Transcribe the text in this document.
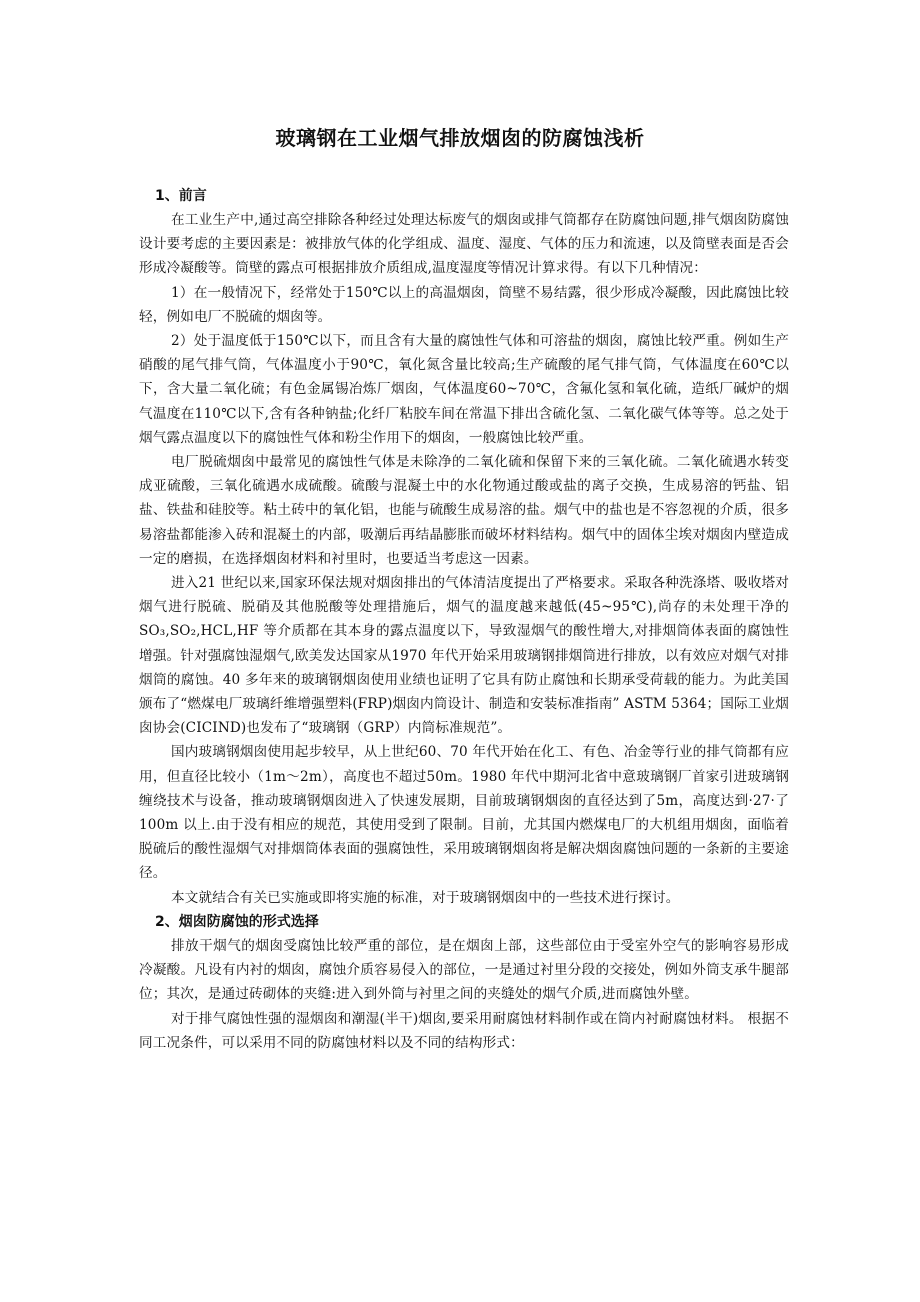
玻璃钢在工业烟气排放烟囱的防腐蚀浅析

1、前言

在工业生产中,通过高空排除各种经过处理达标废气的烟囱或排气筒都存在防腐蚀问题,排气烟囱防腐蚀设计要考虑的主要因素是：被排放气体的化学组成、温度、湿度、气体的压力和流速，以及筒壁表面是否会形成冷凝酸等。筒壁的露点可根据排放介质组成,温度湿度等情况计算求得。有以下几种情况：

1）在一般情况下，经常处于150℃以上的高温烟囱，筒壁不易结露，很少形成冷凝酸，因此腐蚀比较轻，例如电厂不脱硫的烟囱等。

2）处于温度低于150℃以下，而且含有大量的腐蚀性气体和可溶盐的烟囱，腐蚀比较严重。例如生产硝酸的尾气排气筒，气体温度小于90℃，氧化氮含量比较高;生产硫酸的尾气排气筒，气体温度在60℃以下，含大量二氧化硫；有色金属锡冶炼厂烟囱，气体温度60~70℃，含氟化氢和氧化硫，造纸厂碱炉的烟气温度在110℃以下,含有各种钠盐;化纤厂粘胶车间在常温下排出含硫化氢、二氧化碳气体等等。总之处于烟气露点温度以下的腐蚀性气体和粉尘作用下的烟囱，一般腐蚀比较严重。

电厂脱硫烟囱中最常见的腐蚀性气体是未除净的二氧化硫和保留下来的三氧化硫。二氧化硫遇水转变成亚硫酸，三氧化硫遇水成硫酸。硫酸与混凝土中的水化物通过酸或盐的离子交换，生成易溶的钙盐、铝盐、铁盐和硅胶等。粘土砖中的氧化铝，也能与硫酸生成易溶的盐。烟气中的盐也是不容忽视的介质，很多易溶盐都能渗入砖和混凝土的内部，吸潮后再结晶膨胀而破坏材料结构。烟气中的固体尘埃对烟囱内壁造成一定的磨损，在选择烟囱材料和衬里时，也要适当考虑这一因素。

进入21 世纪以来,国家环保法规对烟囱排出的气体清洁度提出了严格要求。采取各种洗涤塔、吸收塔对烟气进行脱硫、脱硝及其他脱酸等处理措施后，烟气的温度越来越低(45~95℃),尚存的未处理干净的SO₃,SO₂,HCL,HF 等介质都在其本身的露点温度以下，导致湿烟气的酸性增大,对排烟筒体表面的腐蚀性增强。针对强腐蚀湿烟气,欧美发达国家从1970 年代开始采用玻璃钢排烟筒进行排放，以有效应对烟气对排烟筒的腐蚀。40 多年来的玻璃钢烟囱使用业绩也证明了它具有防止腐蚀和长期承受荷载的能力。为此美国颁布了“燃煤电厂玻璃纤维增强塑料(FRP)烟囱内筒设计、制造和安装标准指南” ASTM 5364；国际工业烟囱协会(CICIND)也发布了“玻璃钢（GRP）内筒标准规范”。

国内玻璃钢烟囱使用起步较早，从上世纪60、70 年代开始在化工、有色、冶金等行业的排气筒都有应用，但直径比较小（1m～2m），高度也不超过50m。1980 年代中期河北省中意玻璃钢厂首家引进玻璃钢缠绕技术与设备，推动玻璃钢烟囱进入了快速发展期，目前玻璃钢烟囱的直径达到了5m，高度达到·27·了100m 以上.由于没有相应的规范，其使用受到了限制。目前，尤其国内燃煤电厂的大机组用烟囱，面临着脱硫后的酸性湿烟气对排烟筒体表面的强腐蚀性，采用玻璃钢烟囱将是解决烟囱腐蚀问题的一条新的主要途径。

本文就结合有关已实施或即将实施的标准，对于玻璃钢烟囱中的一些技术进行探讨。

2、烟囱防腐蚀的形式选择

排放干烟气的烟囱受腐蚀比较严重的部位，是在烟囱上部，这些部位由于受室外空气的影响容易形成冷凝酸。凡设有内衬的烟囱，腐蚀介质容易侵入的部位，一是通过衬里分段的交接处，例如外筒支承牛腿部位；其次，是通过砖砌体的夹缝:进入到外筒与衬里之间的夹缝处的烟气介质,进而腐蚀外壁。

对于排气腐蚀性强的湿烟囱和潮湿(半干)烟囱,要采用耐腐蚀材料制作或在筒内衬耐腐蚀材料。 根据不同工况条件，可以采用不同的防腐蚀材料以及不同的结构形式：
